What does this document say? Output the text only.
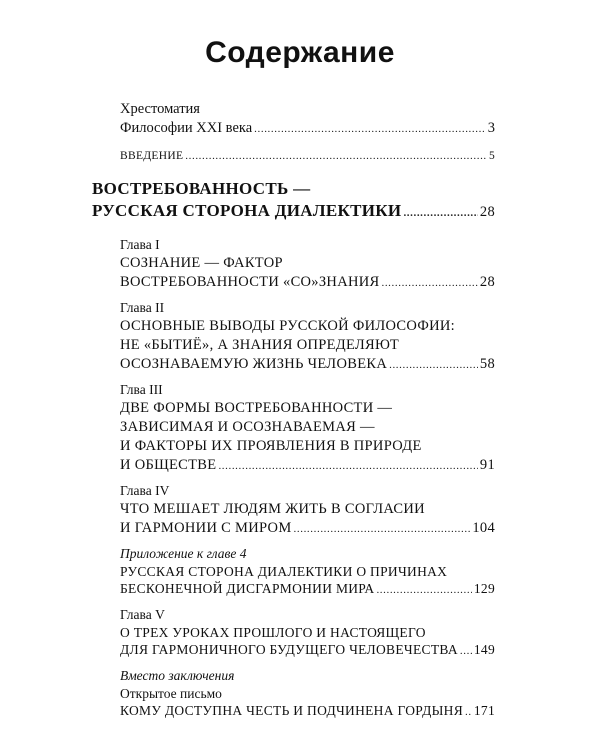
Содержание
Хрестоматия
Философии XXI века .....	3
ВВЕДЕНИЕ .....	5
ВОСТРЕБОВАННОСТЬ —
РУССКАЯ СТОРОНА ДИАЛЕКТИКИ .....	28
Глава I
СОЗНАНИЕ — ФАКТОР
ВОСТРЕБОВАННОСТИ «СО»ЗНАНИЯ .....	28
Глава II
ОСНОВНЫЕ ВЫВОДЫ РУССКОЙ ФИЛОСОФИИ:
НЕ «БЫТИЁ», А ЗНАНИЯ ОПРЕДЕЛЯЮТ
ОСОЗНАВАЕМУЮ ЖИЗНЬ ЧЕЛОВЕКА .....	58
Глва III
ДВЕ ФОРМЫ ВОСТРЕБОВАННОСТИ —
ЗАВИСИМАЯ И ОСОЗНАВАЕМАЯ —
И ФАКТОРЫ ИХ ПРОЯВЛЕНИЯ В ПРИРОДЕ
И ОБЩЕСТВЕ .....	91
Глава IV
ЧТО МЕШАЕТ ЛЮДЯМ ЖИТЬ В СОГЛАСИИ
И ГАРМОНИИ С МИРОМ .....	104
Приложение к главе 4
РУССКАЯ СТОРОНА ДИАЛЕКТИКИ О ПРИЧИНАХ
БЕСКОНЕЧНОЙ ДИСГАРМОНИИ МИРА .....	129
Глава V
О ТРЕХ УРОКАХ ПРОШЛОГО И НАСТОЯЩЕГО
ДЛЯ ГАРМОНИЧНОГО БУДУЩЕГО ЧЕЛОВЕЧЕСТВА ..... 149
Вместо заключения
Открытое письмо
КОМУ ДОСТУПНА ЧЕСТЬ И ПОДЧИНЕНА ГОРДЫНЯ ..... 171
